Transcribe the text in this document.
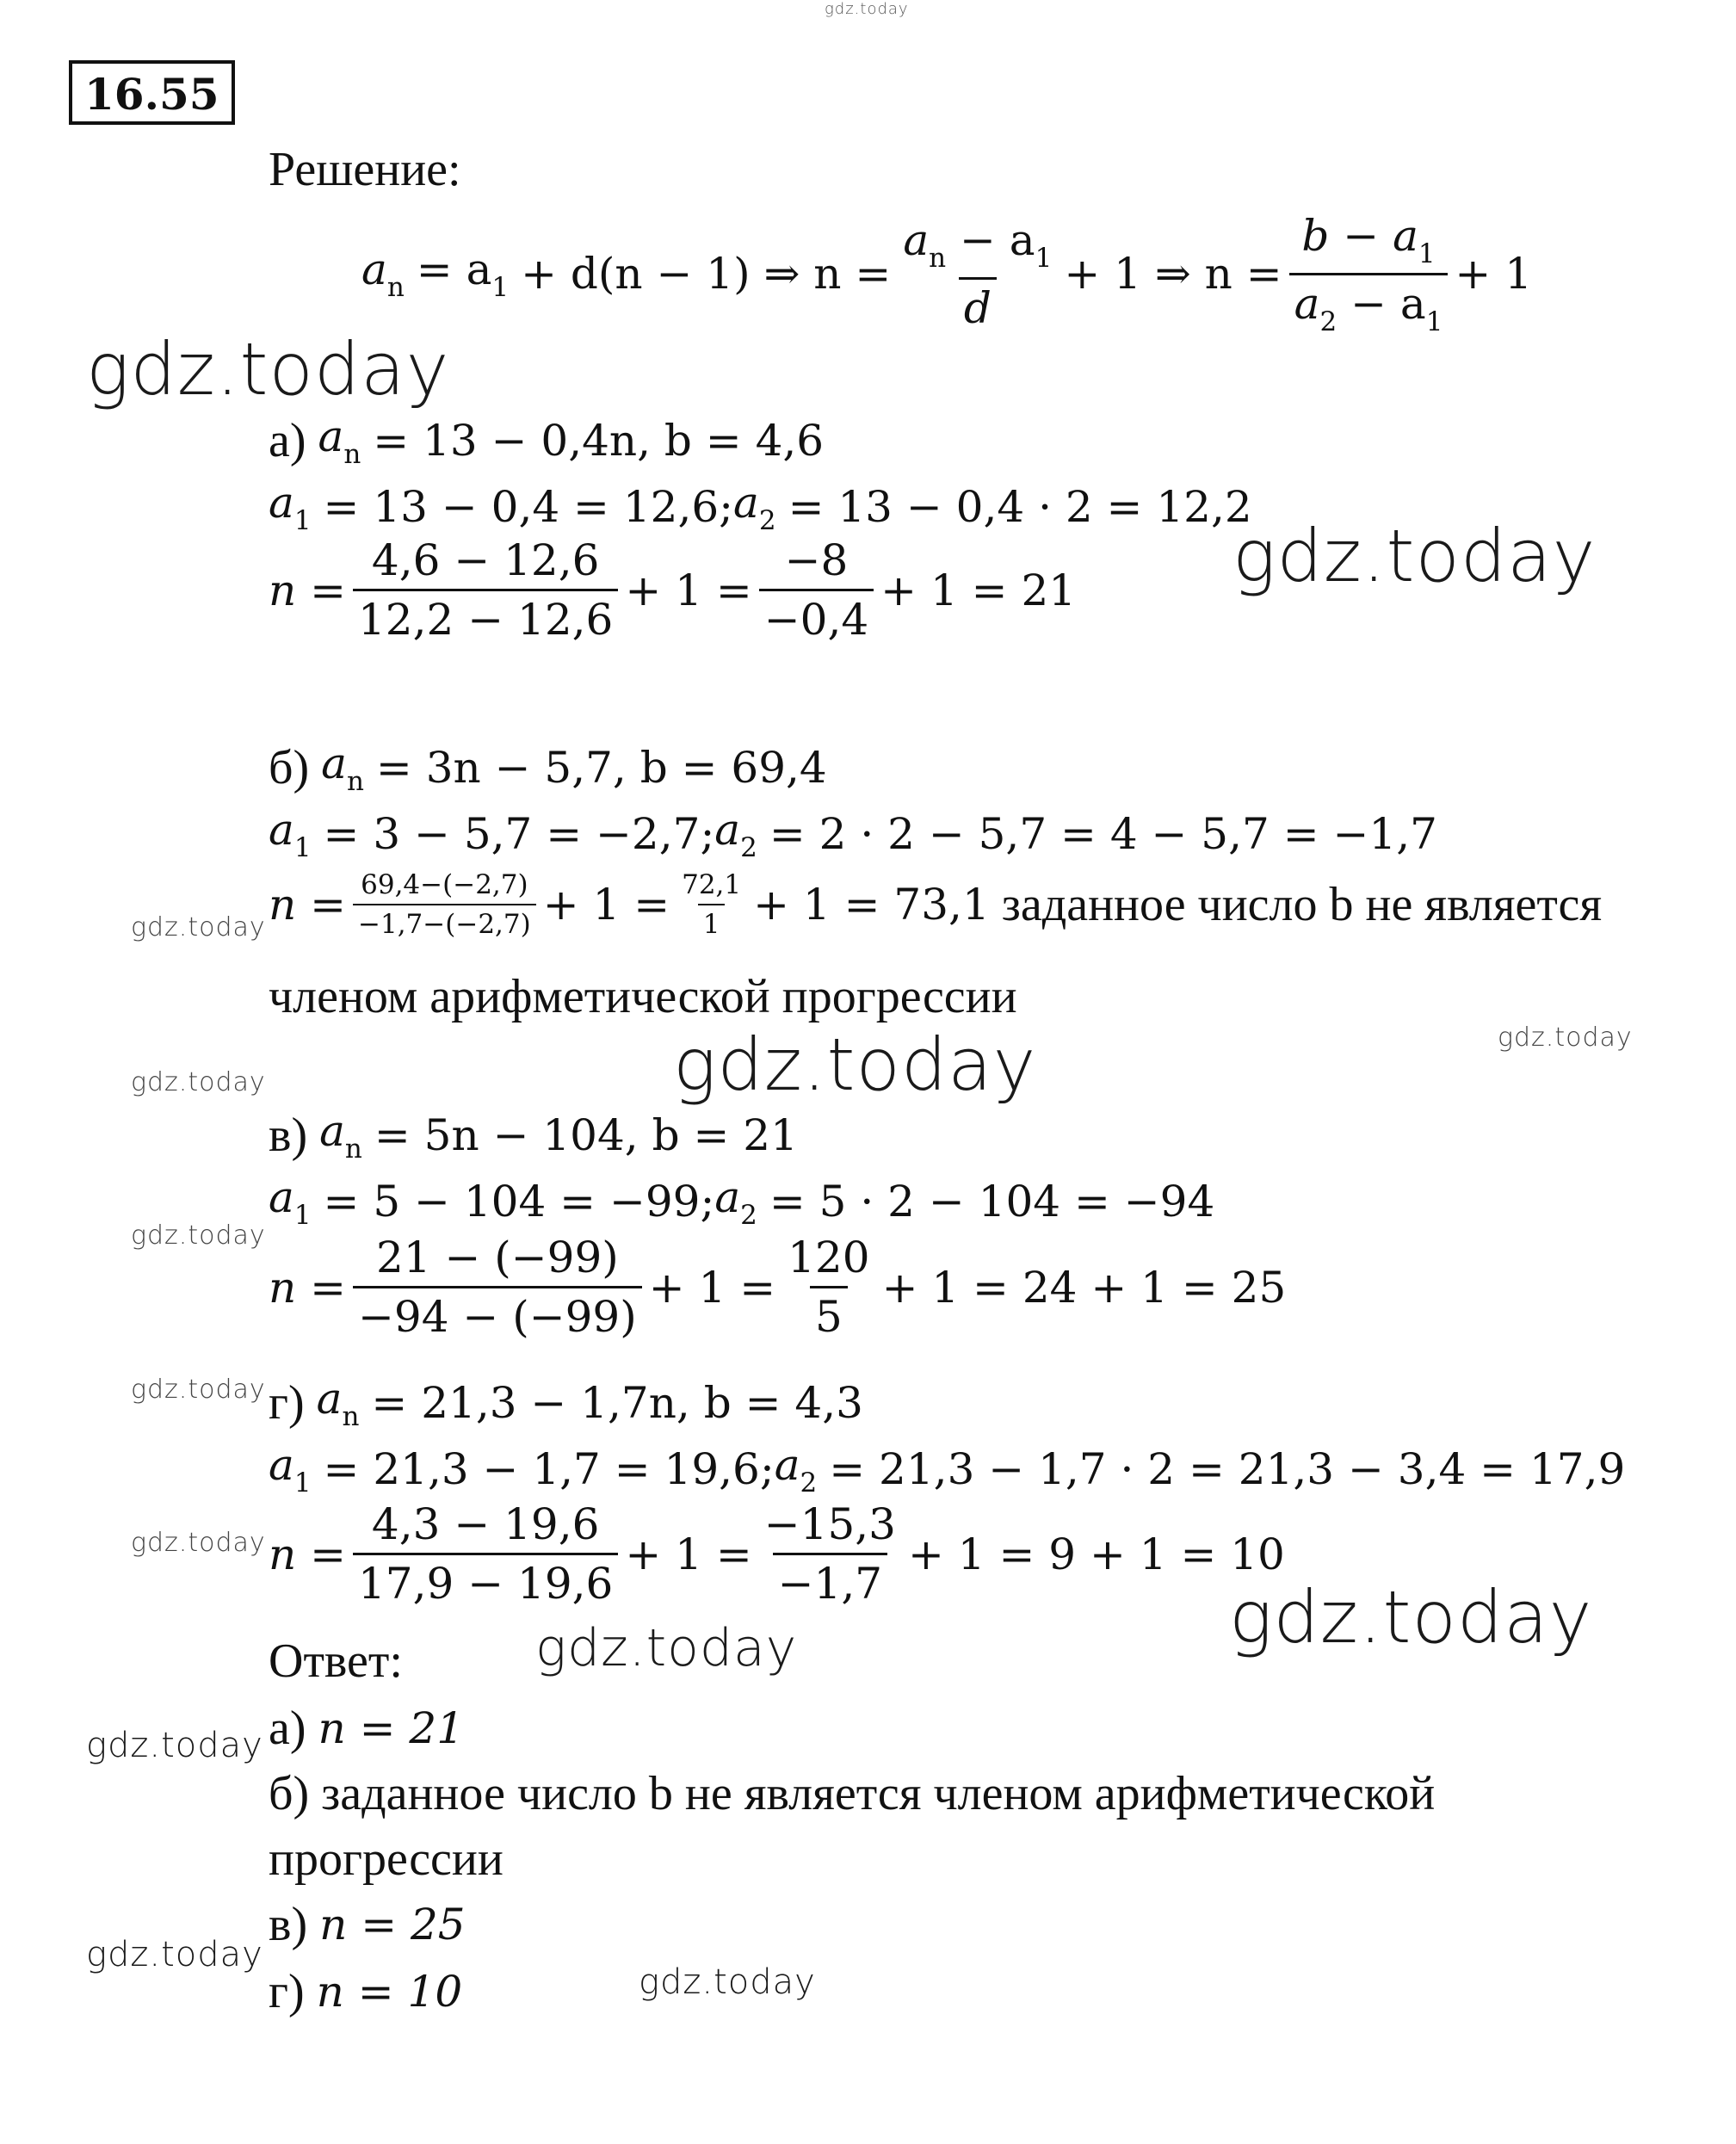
gdz.today
gdz.today
gdz.today
gdz.today
gdz.today
gdz.today
gdz.today
gdz.today
gdz.today
gdz.today
gdz.today
gdz.today
gdz.today
gdz.today
gdz.today
16.55
Решение:
$a_n = a_1 + d(n - 1)$ ⇒ $n = \frac{a_n - a_1}{d} + 1$ ⇒ $n = \frac{b - a_1}{a_2 - a_1} + 1$
а) $a_n = 13 - 0,4n$, b = 4,6
$a_1 = 13 - 0,4 = 12,6$; $a_2 = 13 - 0,4 \cdot 2 = 12,2$
$n = \frac{4,6 - 12,6}{12,2 - 12,6} + 1 = \frac{-8}{-0,4} + 1 = 21$
б) $a_n = 3n - 5,7$, b = 69,4
$a_1 = 3 - 5,7 = -2,7$; $a_2 = 2 \cdot 2 - 5,7 = 4 - 5,7 = -1,7$
$n = \frac{69,4-(-2,7)}{-1,7-(-2,7)} + 1 = \frac{72,1}{1} + 1 = 73,1$ заданное число b не является
членом арифметической прогрессии
в) $a_n = 5n - 104$, b = 21
$a_1 = 5 - 104 = -99$; $a_2 = 5 \cdot 2 - 104 = -94$
$n = \frac{21 - (-99)}{-94 - (-99)} + 1 = \frac{120}{5} + 1 = 24 + 1 = 25$
г) $a_n = 21,3 - 1,7n$, b = 4,3
$a_1 = 21,3 - 1,7 = 19,6$; $a_2 = 21,3 - 1,7 \cdot 2 = 21,3 - 3,4 = 17,9$
$n = \frac{4,3 - 19,6}{17,9 - 19,6} + 1 = \frac{-15,3}{-1,7} + 1 = 9 + 1 = 10$
Ответ:
а) n = 21
б) заданное число b не является членом арифметической
прогрессии
в) n = 25
г) n = 10
